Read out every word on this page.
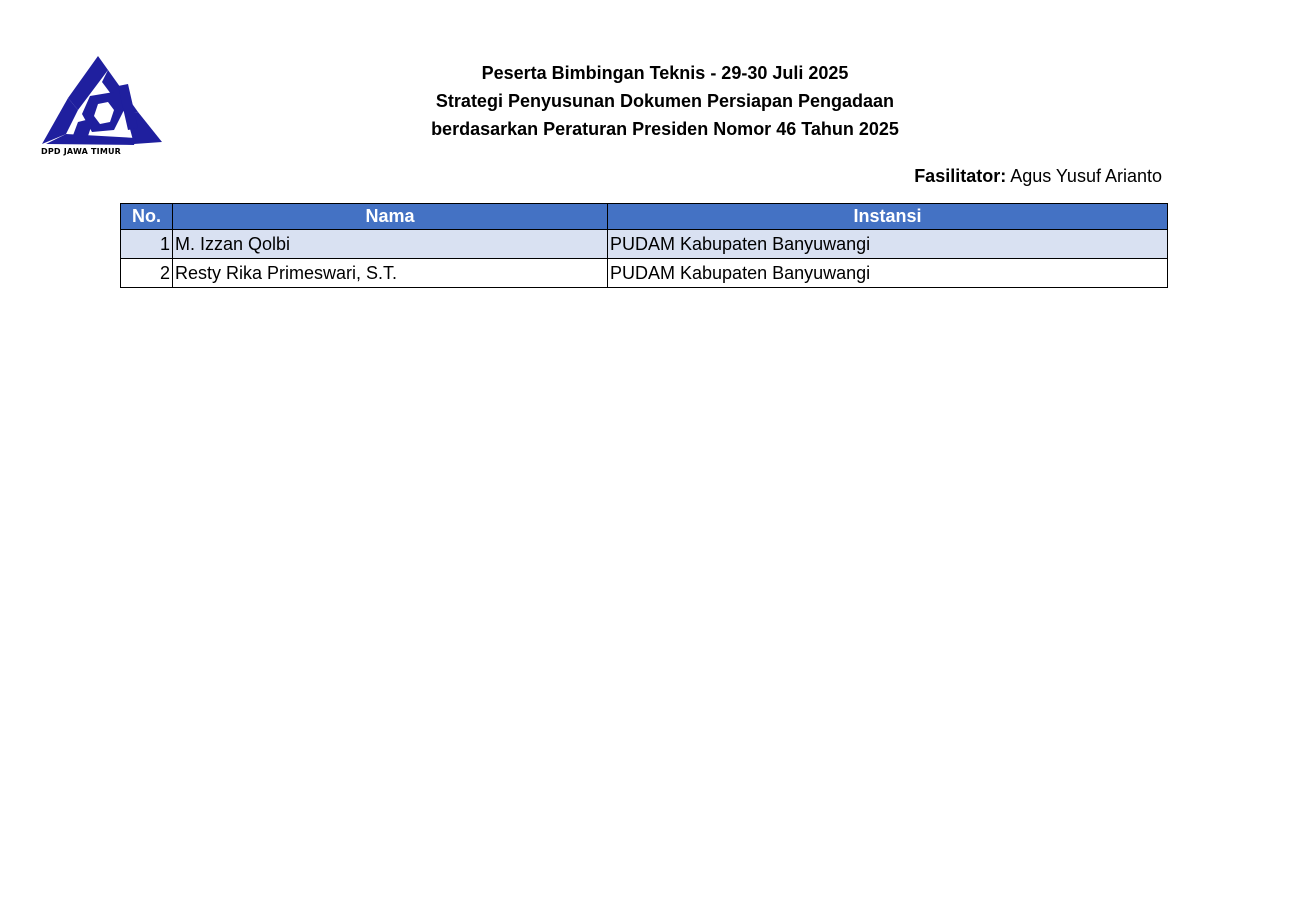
DPD JAWA TIMUR
Peserta Bimbingan Teknis - 29-30 Juli 2025
Strategi Penyusunan Dokumen Persiapan Pengadaan
berdasarkan Peraturan Presiden Nomor 46 Tahun 2025
Fasilitator: Agus Yusuf Arianto
No.	Nama	Instansi
1	M. Izzan Qolbi	PUDAM Kabupaten Banyuwangi
2	Resty Rika Primeswari, S.T.	PUDAM Kabupaten Banyuwangi
